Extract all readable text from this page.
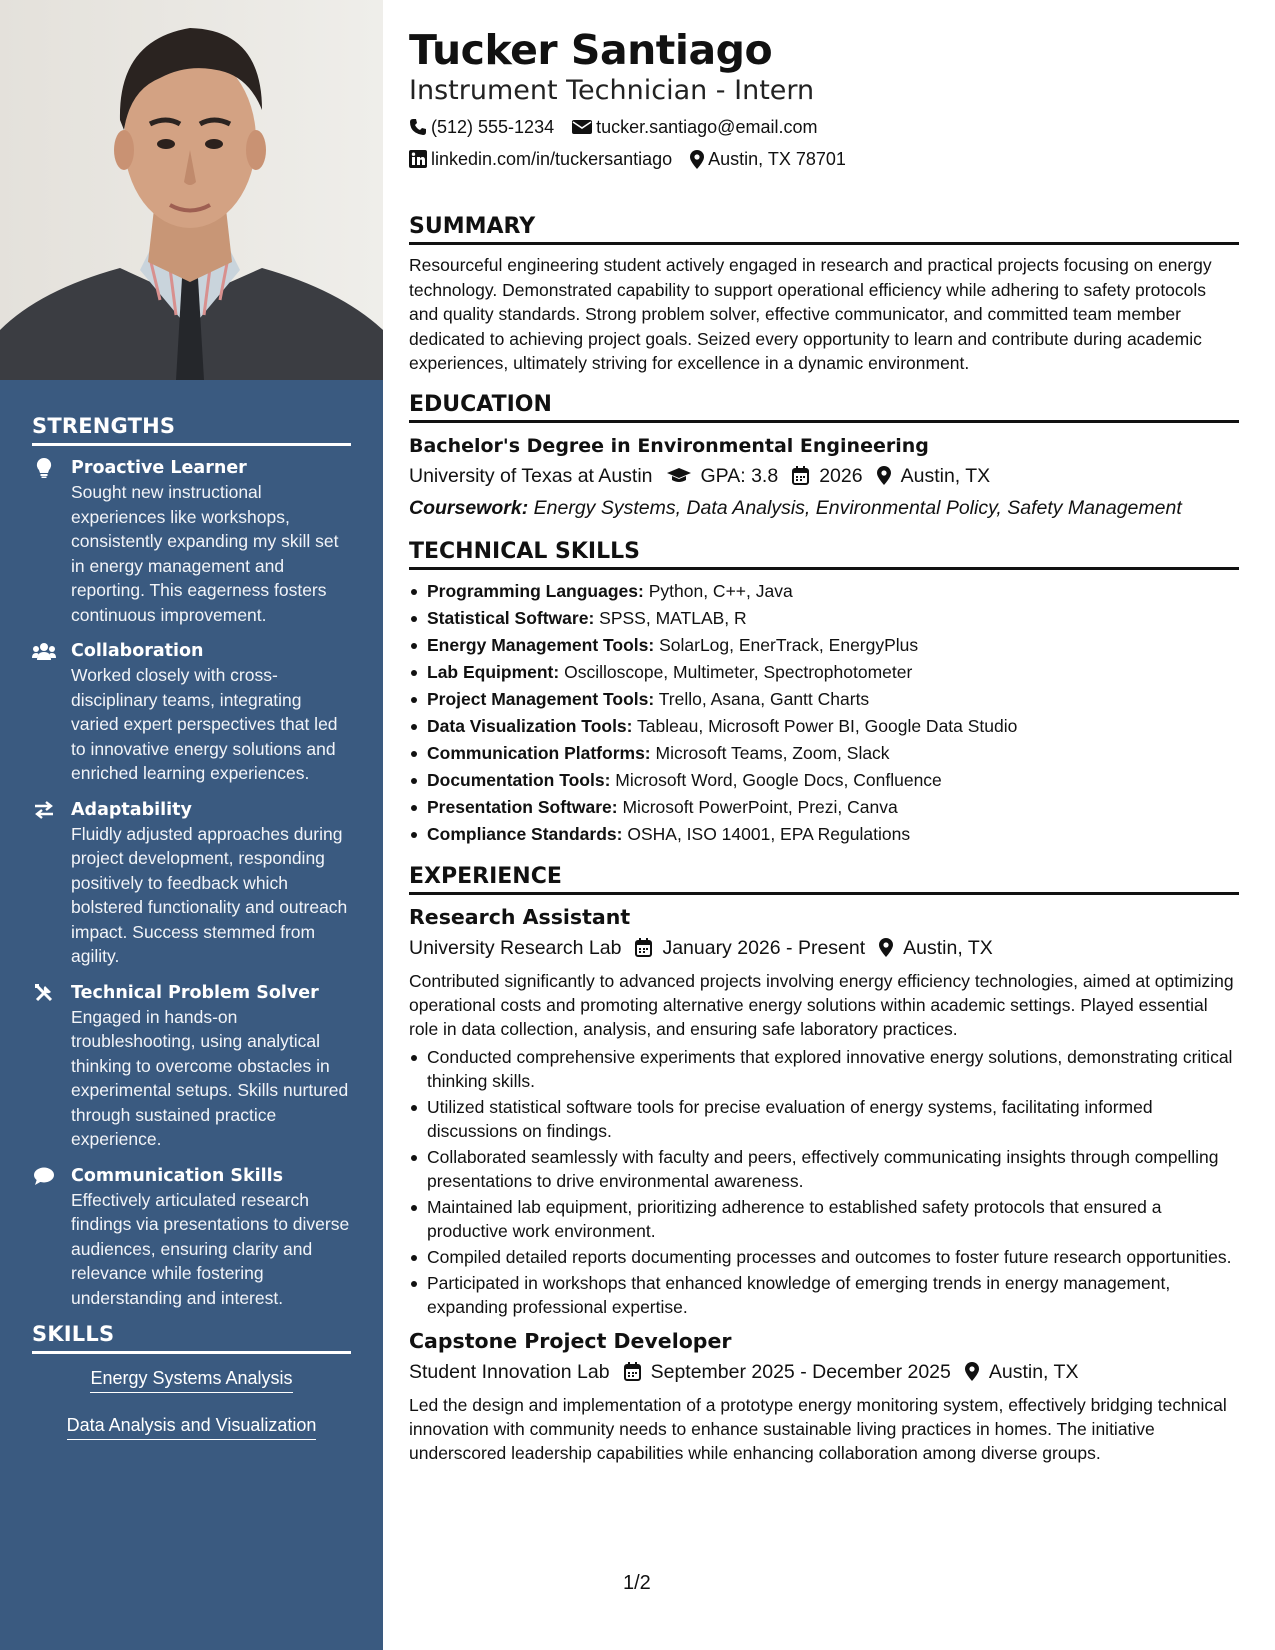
STRENGTHS
Proactive Learner
Sought new instructional experiences like workshops, consistently expanding my skill set in energy management and reporting. This eagerness fosters continuous improvement.
Collaboration
Worked closely with cross-disciplinary teams, integrating varied expert perspectives that led to innovative energy solutions and enriched learning experiences.
Adaptability
Fluidly adjusted approaches during project development, responding positively to feedback which bolstered functionality and outreach impact. Success stemmed from agility.
Technical Problem Solver
Engaged in hands-on troubleshooting, using analytical thinking to overcome obstacles in experimental setups. Skills nurtured through sustained practice experience.
Communication Skills
Effectively articulated research findings via presentations to diverse audiences, ensuring clarity and relevance while fostering understanding and interest.
SKILLS
Energy Systems Analysis
Data Analysis and Visualization
Tucker Santiago
Instrument Technician - Intern
(512) 555-1234 tucker.santiago@email.com
linkedin.com/in/tuckersantiago Austin, TX 78701
SUMMARY
Resourceful engineering student actively engaged in research and practical projects focusing on energy technology. Demonstrated capability to support operational efficiency while adhering to safety protocols and quality standards. Strong problem solver, effective communicator, and committed team member dedicated to achieving project goals. Seized every opportunity to learn and contribute during academic experiences, ultimately striving for excellence in a dynamic environment.
EDUCATION
Bachelor's Degree in Environmental Engineering
University of Texas at Austin GPA: 3.8 2026 Austin, TX
Coursework: Energy Systems, Data Analysis, Environmental Policy, Safety Management
TECHNICAL SKILLS
Programming Languages: Python, C++, Java
Statistical Software: SPSS, MATLAB, R
Energy Management Tools: SolarLog, EnerTrack, EnergyPlus
Lab Equipment: Oscilloscope, Multimeter, Spectrophotometer
Project Management Tools: Trello, Asana, Gantt Charts
Data Visualization Tools: Tableau, Microsoft Power BI, Google Data Studio
Communication Platforms: Microsoft Teams, Zoom, Slack
Documentation Tools: Microsoft Word, Google Docs, Confluence
Presentation Software: Microsoft PowerPoint, Prezi, Canva
Compliance Standards: OSHA, ISO 14001, EPA Regulations
EXPERIENCE
Research Assistant
University Research Lab January 2026 - Present Austin, TX
Contributed significantly to advanced projects involving energy efficiency technologies, aimed at optimizing operational costs and promoting alternative energy solutions within academic settings. Played essential role in data collection, analysis, and ensuring safe laboratory practices.
Conducted comprehensive experiments that explored innovative energy solutions, demonstrating critical thinking skills.
Utilized statistical software tools for precise evaluation of energy systems, facilitating informed discussions on findings.
Collaborated seamlessly with faculty and peers, effectively communicating insights through compelling presentations to drive environmental awareness.
Maintained lab equipment, prioritizing adherence to established safety protocols that ensured a productive work environment.
Compiled detailed reports documenting processes and outcomes to foster future research opportunities.
Participated in workshops that enhanced knowledge of emerging trends in energy management, expanding professional expertise.
Capstone Project Developer
Student Innovation Lab September 2025 - December 2025 Austin, TX
Led the design and implementation of a prototype energy monitoring system, effectively bridging technical innovation with community needs to enhance sustainable living practices in homes. The initiative underscored leadership capabilities while enhancing collaboration among diverse groups.
1/2
